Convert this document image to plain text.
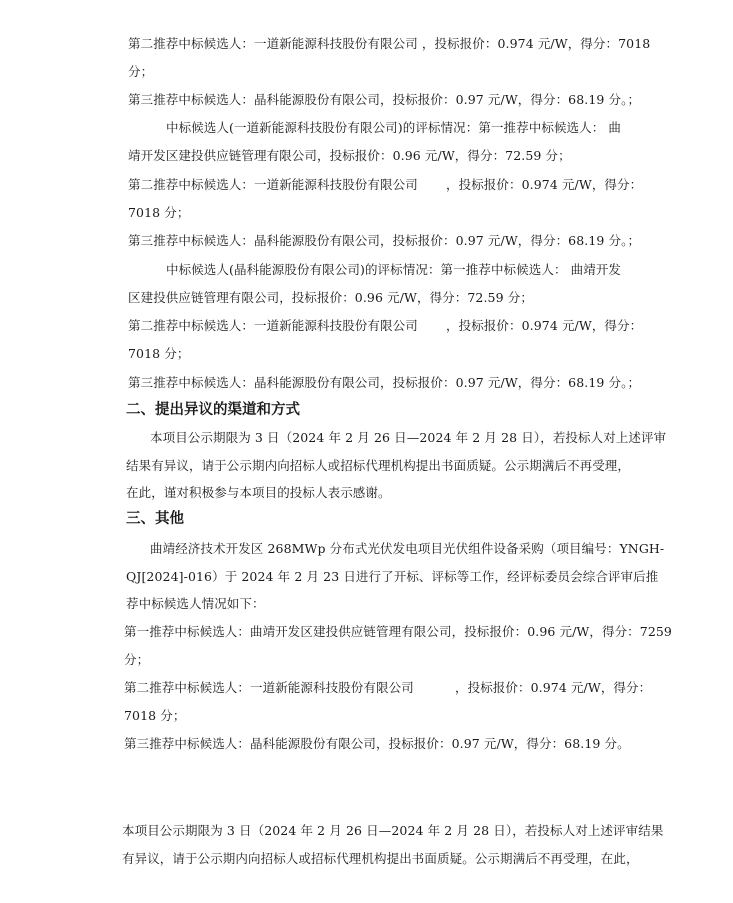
第二推荐中标候选人：一道新能源科技股份有限公司 ，投标报价：0.974 元/W，得分：7018
分；
第三推荐中标候选人：晶科能源股份有限公司，投标报价：0.97 元/W，得分：68.19 分。；
中标候选人(一道新能源科技股份有限公司)的评标情况：第一推荐中标候选人： 曲
靖开发区建投供应链管理有限公司，投标报价：0.96 元/W，得分：72.59 分；
第二推荐中标候选人：一道新能源科技股份有限公司 ，投标报价：0.974 元/W，得分：
7018 分；
第三推荐中标候选人：晶科能源股份有限公司，投标报价：0.97 元/W，得分：68.19 分。；
中标候选人(晶科能源股份有限公司)的评标情况：第一推荐中标候选人： 曲靖开发
区建投供应链管理有限公司，投标报价：0.96 元/W，得分：72.59 分；
第二推荐中标候选人：一道新能源科技股份有限公司 ，投标报价：0.974 元/W，得分：
7018 分；
第三推荐中标候选人：晶科能源股份有限公司，投标报价：0.97 元/W，得分：68.19 分。；
二、提出异议的渠道和方式
本项目公示期限为 3 日（2024 年 2 月 26 日—2024 年 2 月 28 日），若投标人对上述评审
结果有异议，请于公示期内向招标人或招标代理机构提出书面质疑。公示期满后不再受理，
在此，谨对积极参与本项目的投标人表示感谢。
三、其他
曲靖经济技术开发区 268MWp 分布式光伏发电项目光伏组件设备采购（项目编号：YNGH-
QJ[2024]-016）于 2024 年 2 月 23 日进行了开标、评标等工作，经评标委员会综合评审后推
荐中标候选人情况如下：
第一推荐中标候选人：曲靖开发区建投供应链管理有限公司，投标报价：0.96 元/W，得分：7259
分；
第二推荐中标候选人：一道新能源科技股份有限公司	，投标报价：0.974 元/W，得分：
7018 分；
第三推荐中标候选人：晶科能源股份有限公司，投标报价：0.97 元/W，得分：68.19 分。
本项目公示期限为 3 日（2024 年 2 月 26 日—2024 年 2 月 28 日），若投标人对上述评审结果
有异议，请于公示期内向招标人或招标代理机构提出书面质疑。公示期满后不再受理，在此，
